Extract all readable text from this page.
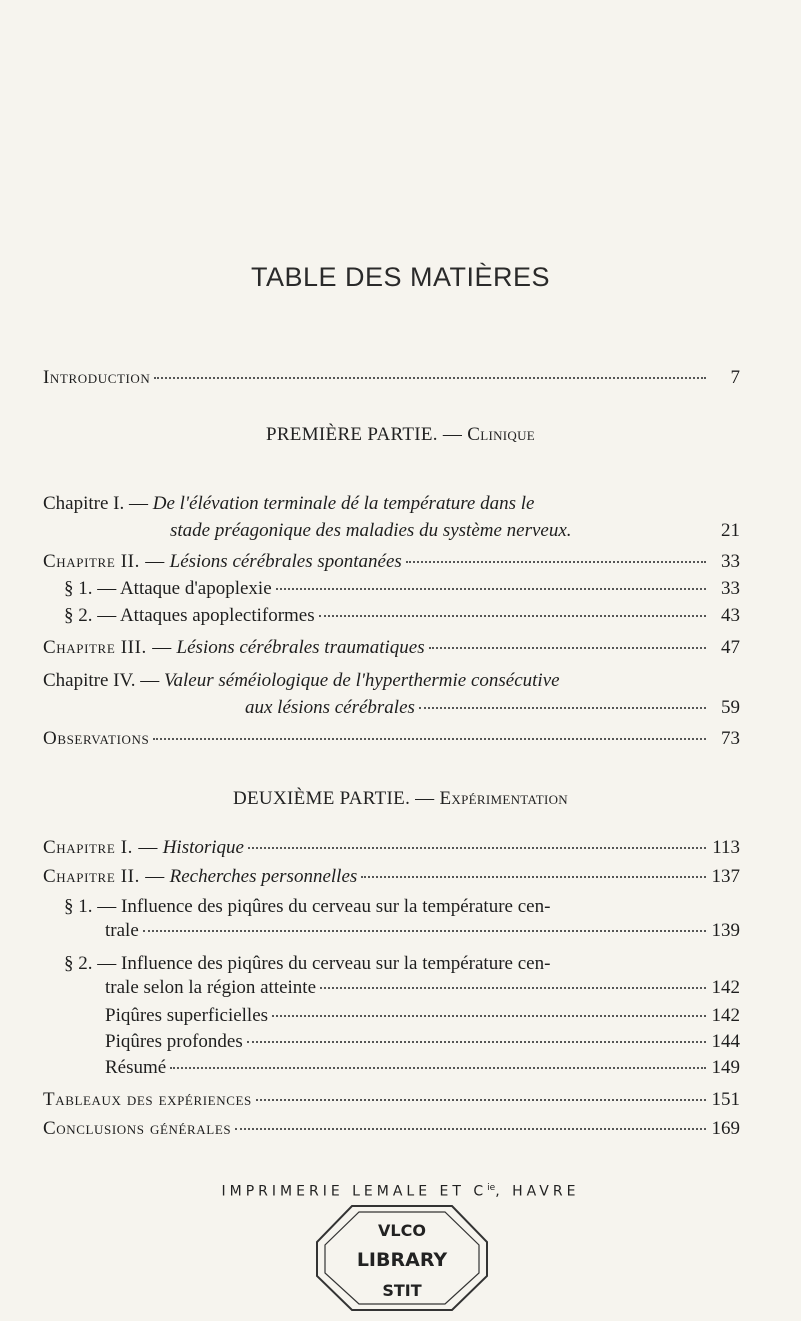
TABLE DES MATIÈRES
Introduction	7
PREMIÈRE PARTIE. — Clinique
Chapitre I. — De l'élévation terminale dé la température dans le
stade préagonique des maladies du système nerveux.	21
Chapitre II. — Lésions cérébrales spontanées	33
§ 1. — Attaque d'apoplexie	33
§ 2. — Attaques apoplectiformes	43
Chapitre III. — Lésions cérébrales traumatiques	47
Chapitre IV. — Valeur séméiologique de l'hyperthermie consécutive
aux lésions cérébrales	59
Observations	73
DEUXIÈME PARTIE. — Expérimentation
Chapitre I. — Historique	113
Chapitre II. — Recherches personnelles	137
§ 1. — Influence des piqûres du cerveau sur la température cen-
trale	139
§ 2. — Influence des piqûres du cerveau sur la température cen-
trale selon la région atteinte	142
Piqûres superficielles	142
Piqûres profondes	144
Résumé	149
Tableaux des expériences	151
Conclusions générales	169
IMPRIMERIE LEMALE ET $C^{ie}$, HAVRE
VLCO
LIBRARY
STIT
